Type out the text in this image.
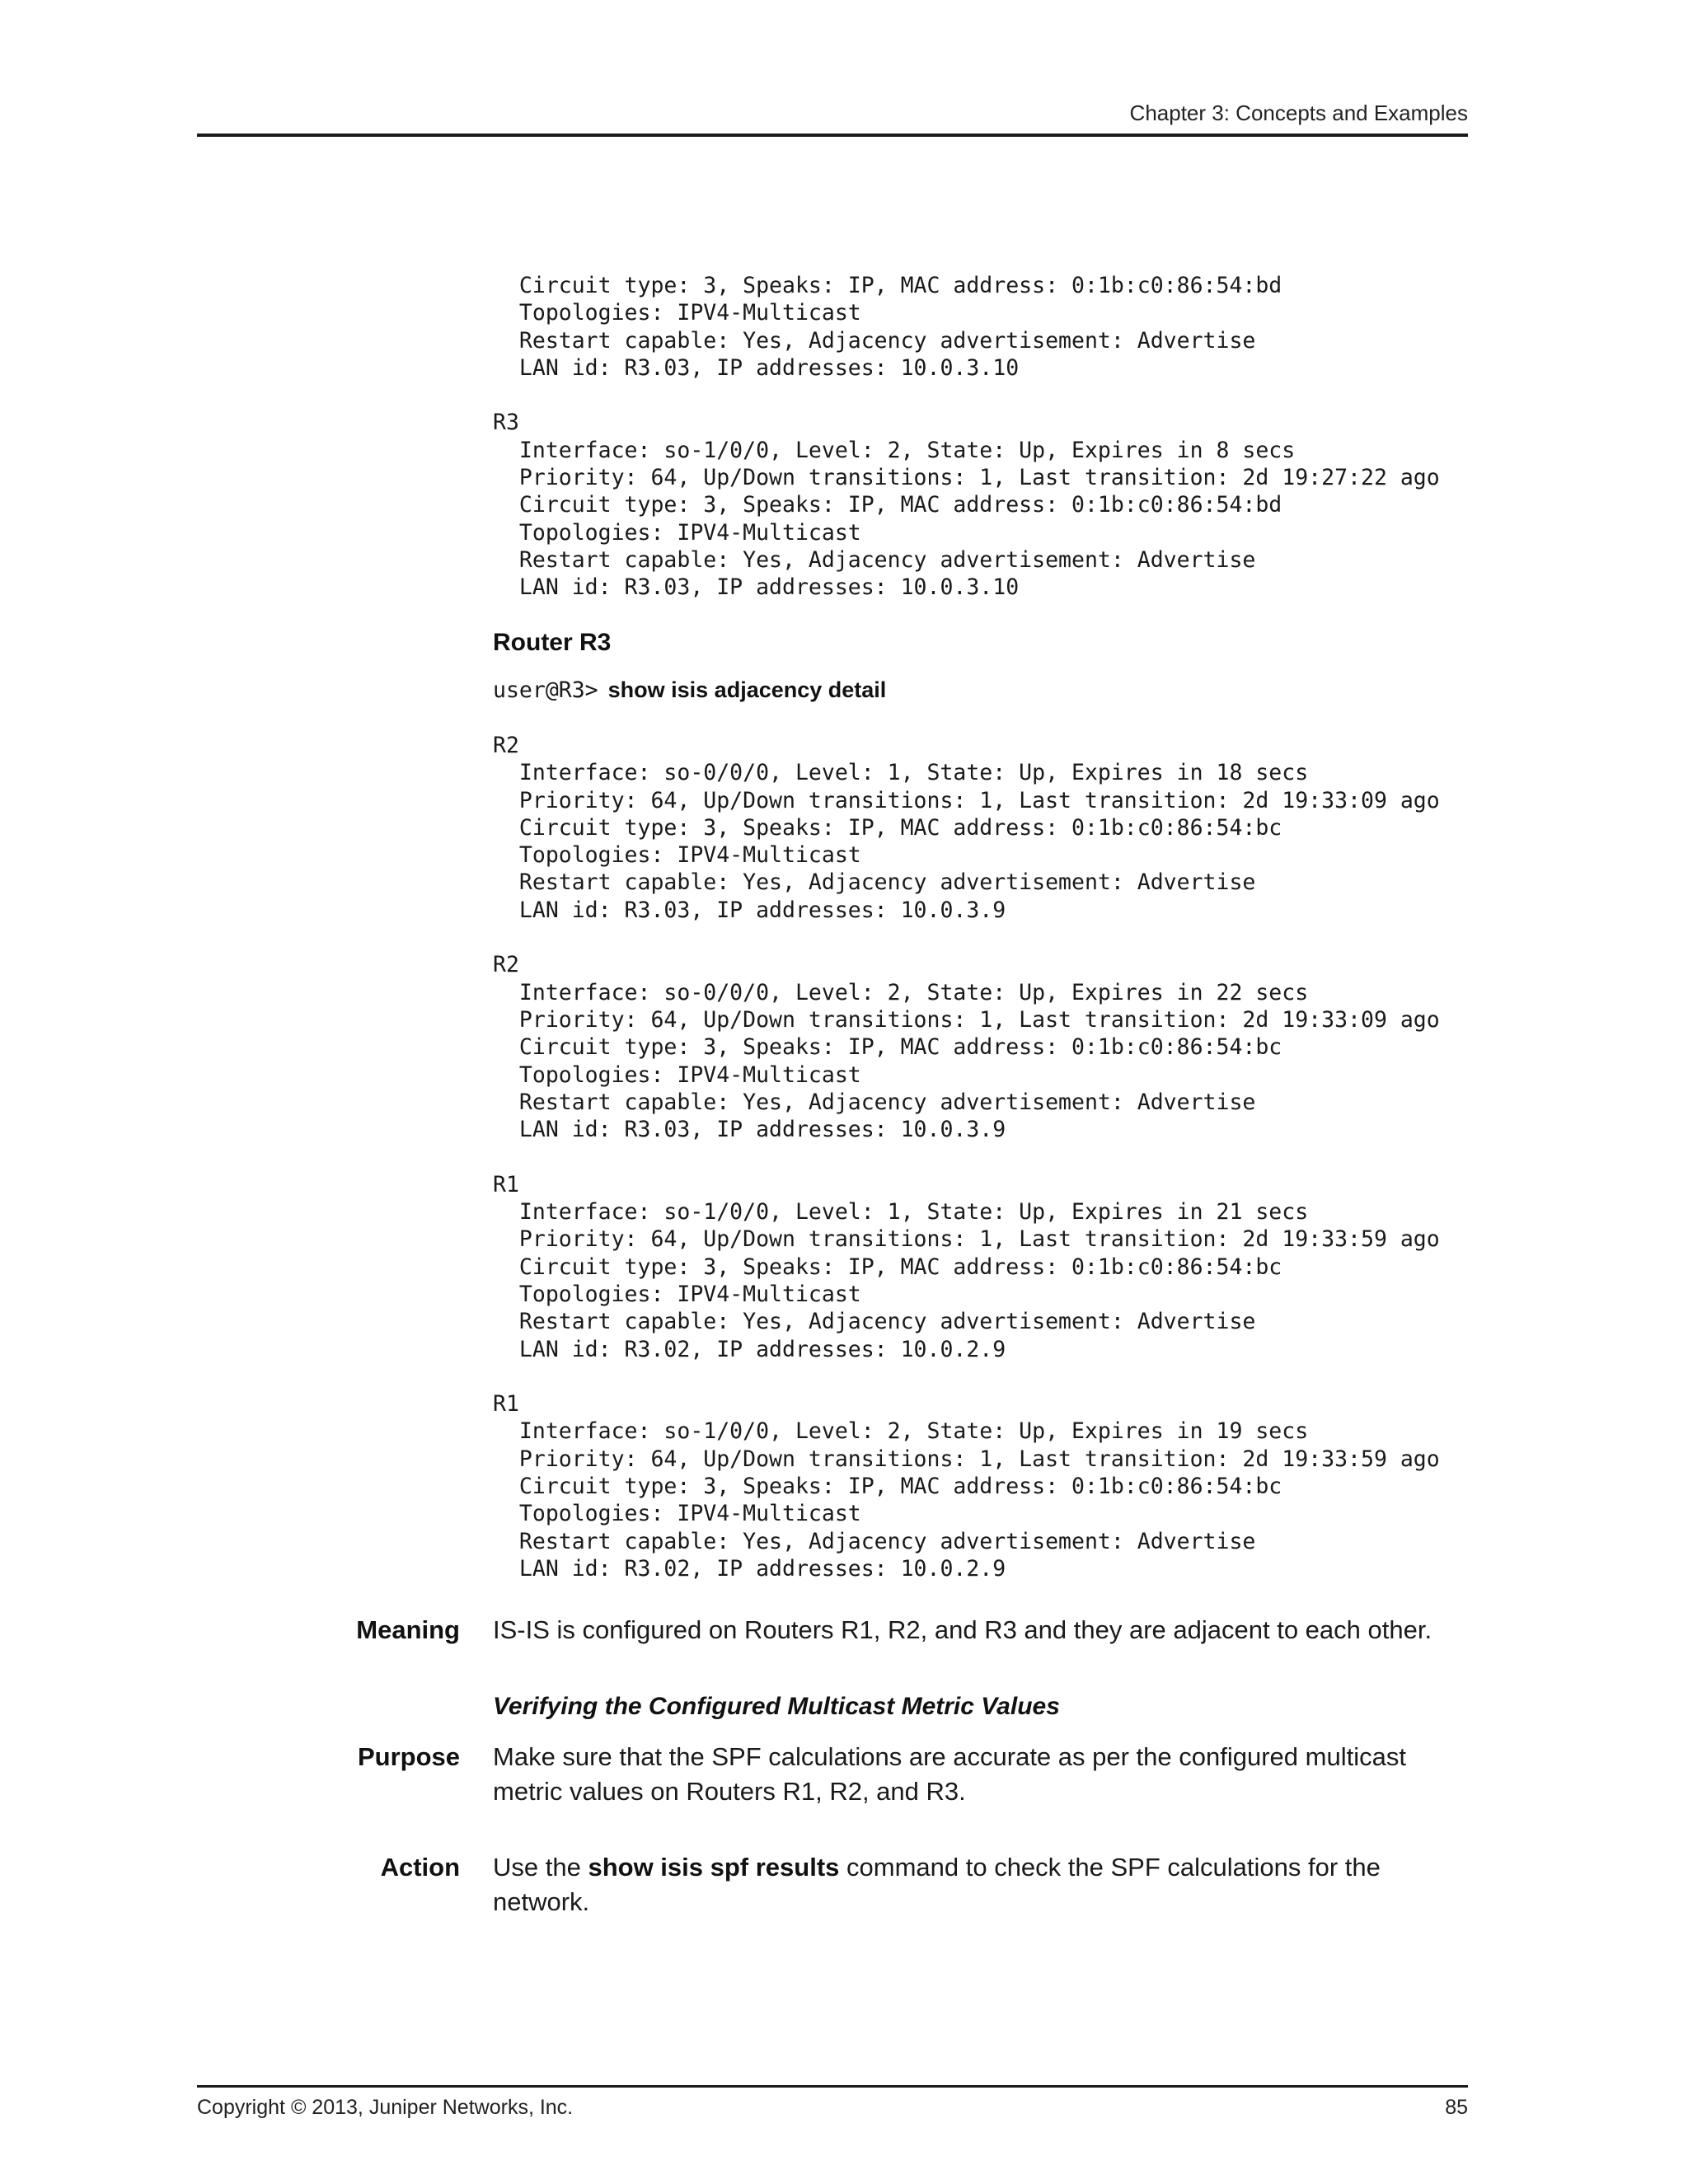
Chapter 3: Concepts and Examples
Circuit type: 3, Speaks: IP, MAC address: 0:1b:c0:86:54:bd
Topologies: IPV4-Multicast
Restart capable: Yes, Adjacency advertisement: Advertise
LAN id: R3.03, IP addresses: 10.0.3.10

R3
Interface: so-1/0/0, Level: 2, State: Up, Expires in 8 secs
Priority: 64, Up/Down transitions: 1, Last transition: 2d 19:27:22 ago
Circuit type: 3, Speaks: IP, MAC address: 0:1b:c0:86:54:bd
Topologies: IPV4-Multicast
Restart capable: Yes, Adjacency advertisement: Advertise
LAN id: R3.03, IP addresses: 10.0.3.10
Router R3
user@R3> show isis adjacency detail
R2
Interface: so-0/0/0, Level: 1, State: Up, Expires in 18 secs
Priority: 64, Up/Down transitions: 1, Last transition: 2d 19:33:09 ago
Circuit type: 3, Speaks: IP, MAC address: 0:1b:c0:86:54:bc
Topologies: IPV4-Multicast
Restart capable: Yes, Adjacency advertisement: Advertise
LAN id: R3.03, IP addresses: 10.0.3.9

R2
Interface: so-0/0/0, Level: 2, State: Up, Expires in 22 secs
Priority: 64, Up/Down transitions: 1, Last transition: 2d 19:33:09 ago
Circuit type: 3, Speaks: IP, MAC address: 0:1b:c0:86:54:bc
Topologies: IPV4-Multicast
Restart capable: Yes, Adjacency advertisement: Advertise
LAN id: R3.03, IP addresses: 10.0.3.9

R1
Interface: so-1/0/0, Level: 1, State: Up, Expires in 21 secs
Priority: 64, Up/Down transitions: 1, Last transition: 2d 19:33:59 ago
Circuit type: 3, Speaks: IP, MAC address: 0:1b:c0:86:54:bc
Topologies: IPV4-Multicast
Restart capable: Yes, Adjacency advertisement: Advertise
LAN id: R3.02, IP addresses: 10.0.2.9

R1
Interface: so-1/0/0, Level: 2, State: Up, Expires in 19 secs
Priority: 64, Up/Down transitions: 1, Last transition: 2d 19:33:59 ago
Circuit type: 3, Speaks: IP, MAC address: 0:1b:c0:86:54:bc
Topologies: IPV4-Multicast
Restart capable: Yes, Adjacency advertisement: Advertise
LAN id: R3.02, IP addresses: 10.0.2.9
Meaning IS-IS is configured on Routers R1, R2, and R3 and they are adjacent to each other.
Verifying the Configured Multicast Metric Values
Purpose Make sure that the SPF calculations are accurate as per the configured multicast metric values on Routers R1, R2, and R3.
Action Use the show isis spf results command to check the SPF calculations for the network.
Copyright © 2013, Juniper Networks, Inc.	85
